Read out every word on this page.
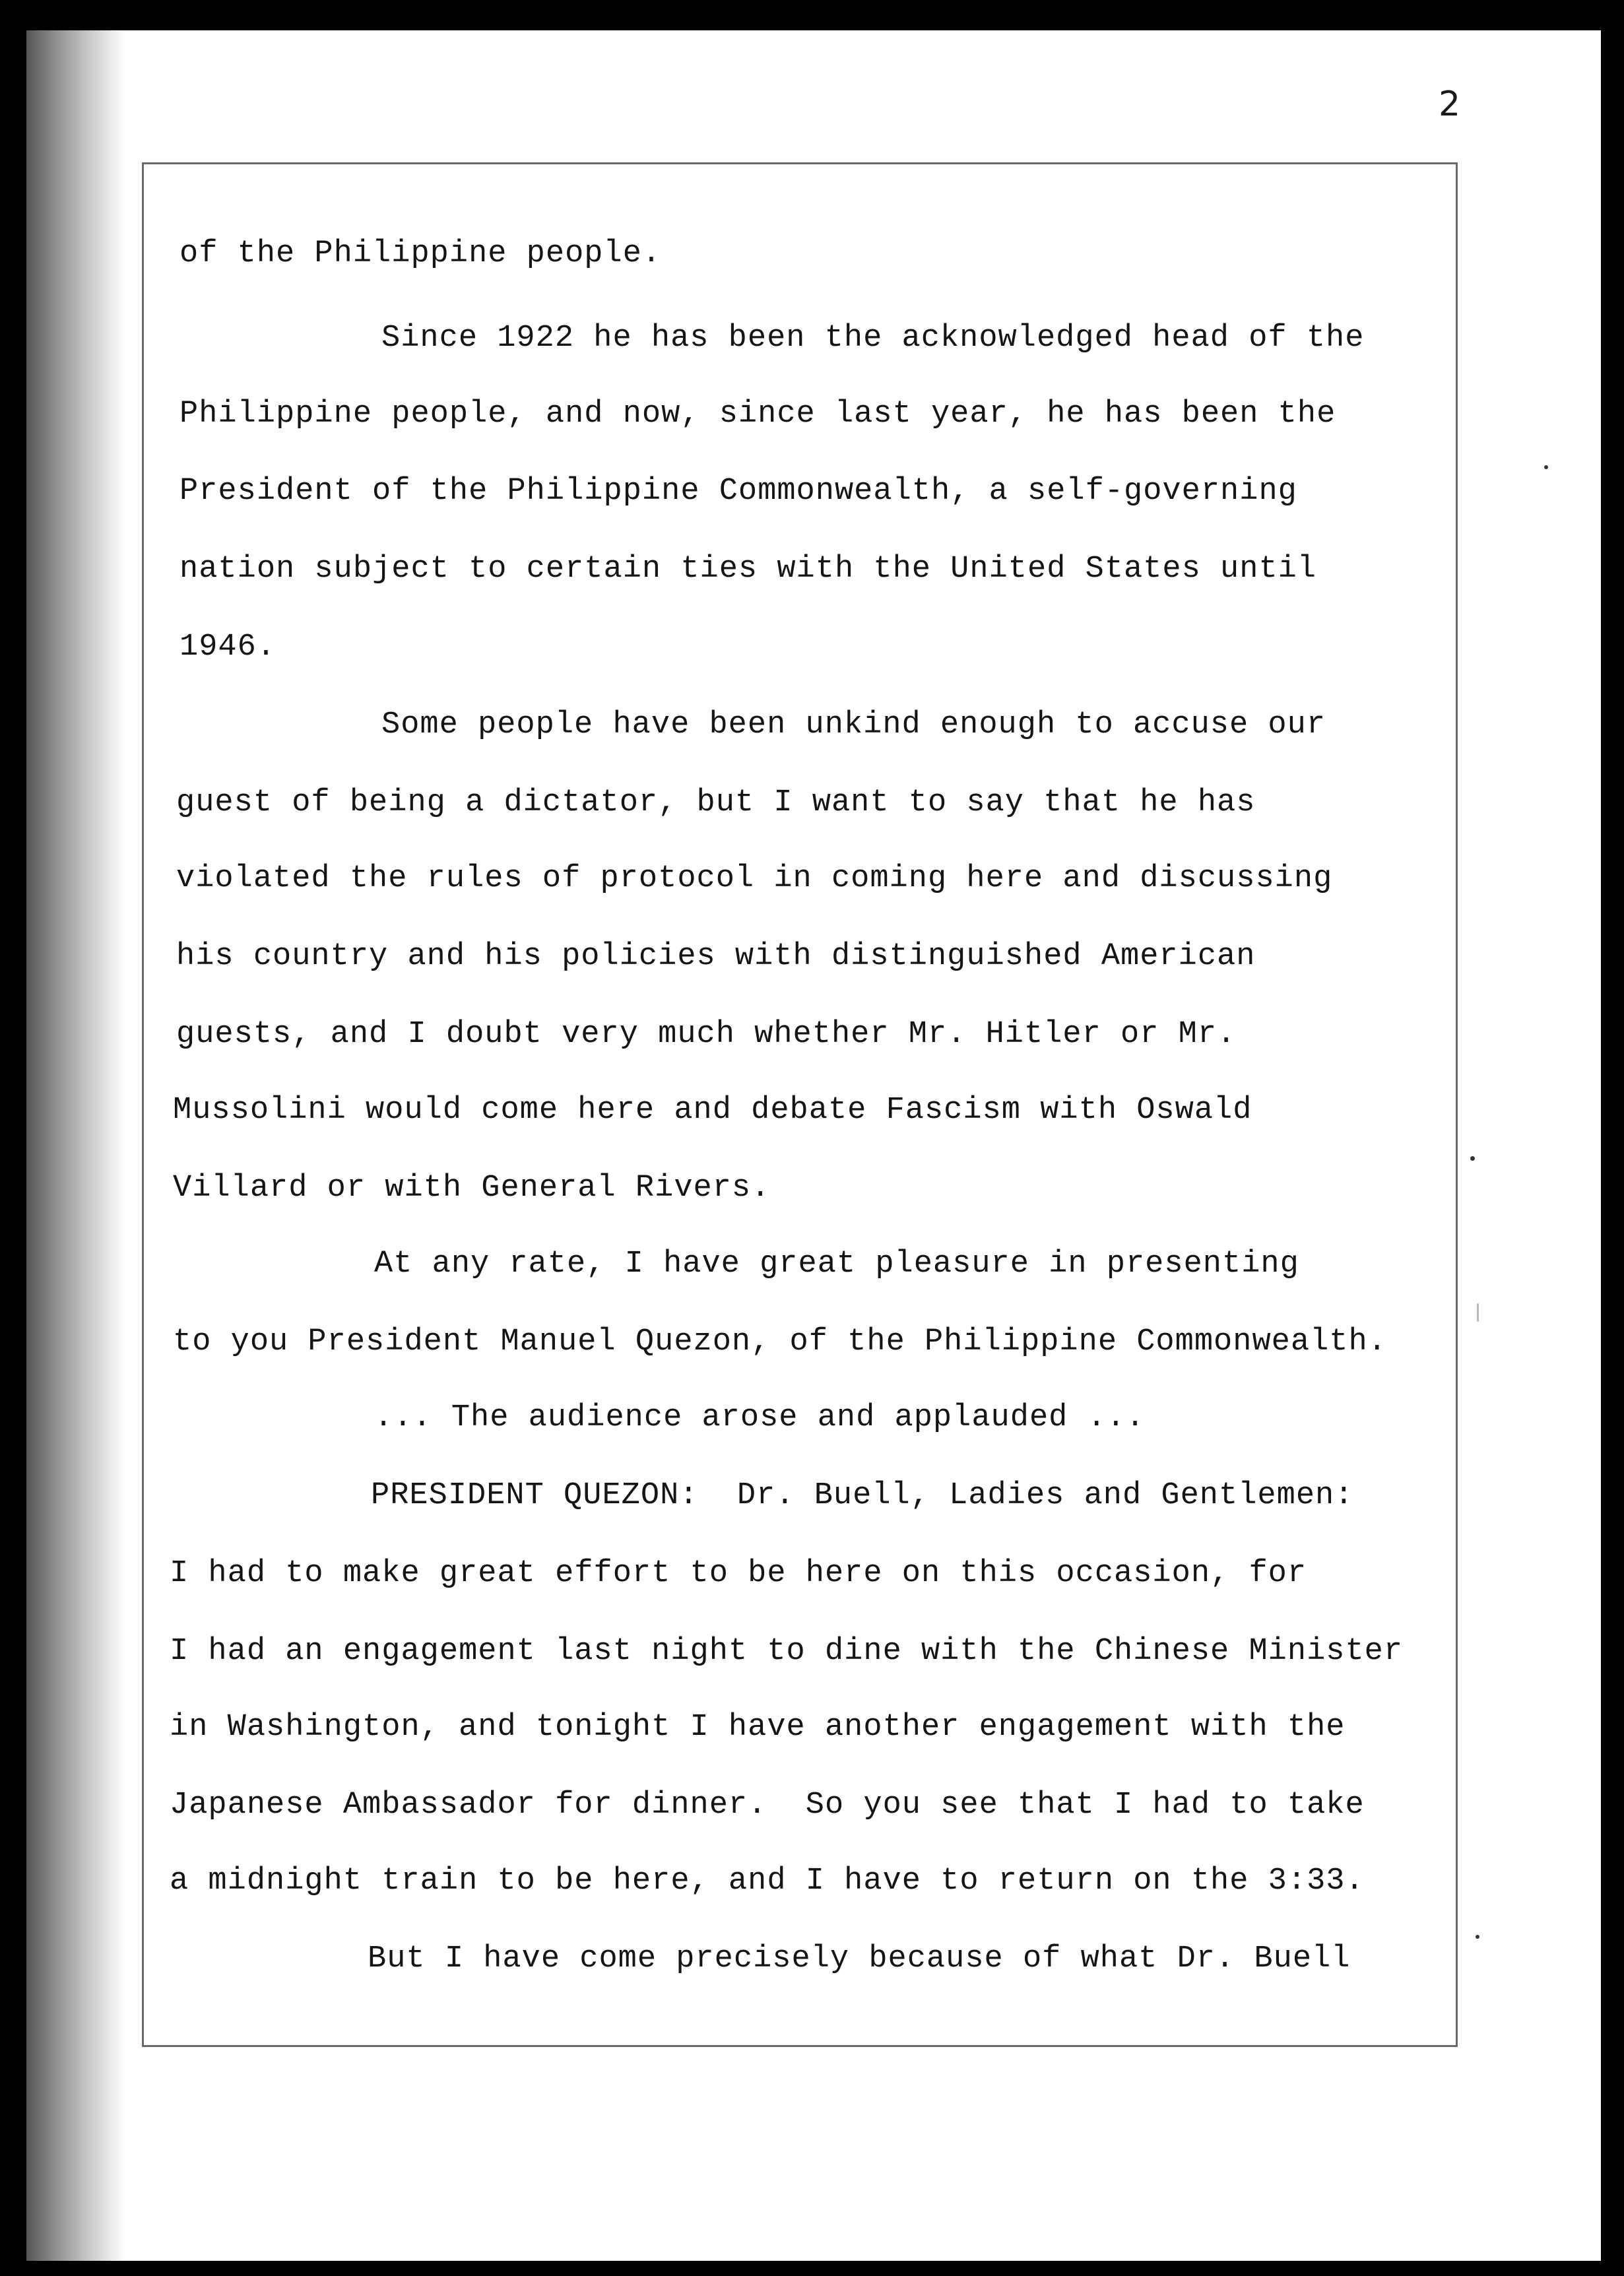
2
of the Philippine people.
Since 1922 he has been the acknowledged head of the
Philippine people, and now, since last year, he has been the
President of the Philippine Commonwealth, a self-governing
nation subject to certain ties with the United States until
1946.
Some people have been unkind enough to accuse our
guest of being a dictator, but I want to say that he has
violated the rules of protocol in coming here and discussing
his country and his policies with distinguished American
guests, and I doubt very much whether Mr. Hitler or Mr.
Mussolini would come here and debate Fascism with Oswald
Villard or with General Rivers.
At any rate, I have great pleasure in presenting
to you President Manuel Quezon, of the Philippine Commonwealth.
... The audience arose and applauded ...
PRESIDENT QUEZON:  Dr. Buell, Ladies and Gentlemen:
I had to make great effort to be here on this occasion, for
I had an engagement last night to dine with the Chinese Minister
in Washington, and tonight I have another engagement with the
Japanese Ambassador for dinner.  So you see that I had to take
a midnight train to be here, and I have to return on the 3:33.
But I have come precisely because of what Dr. Buell
